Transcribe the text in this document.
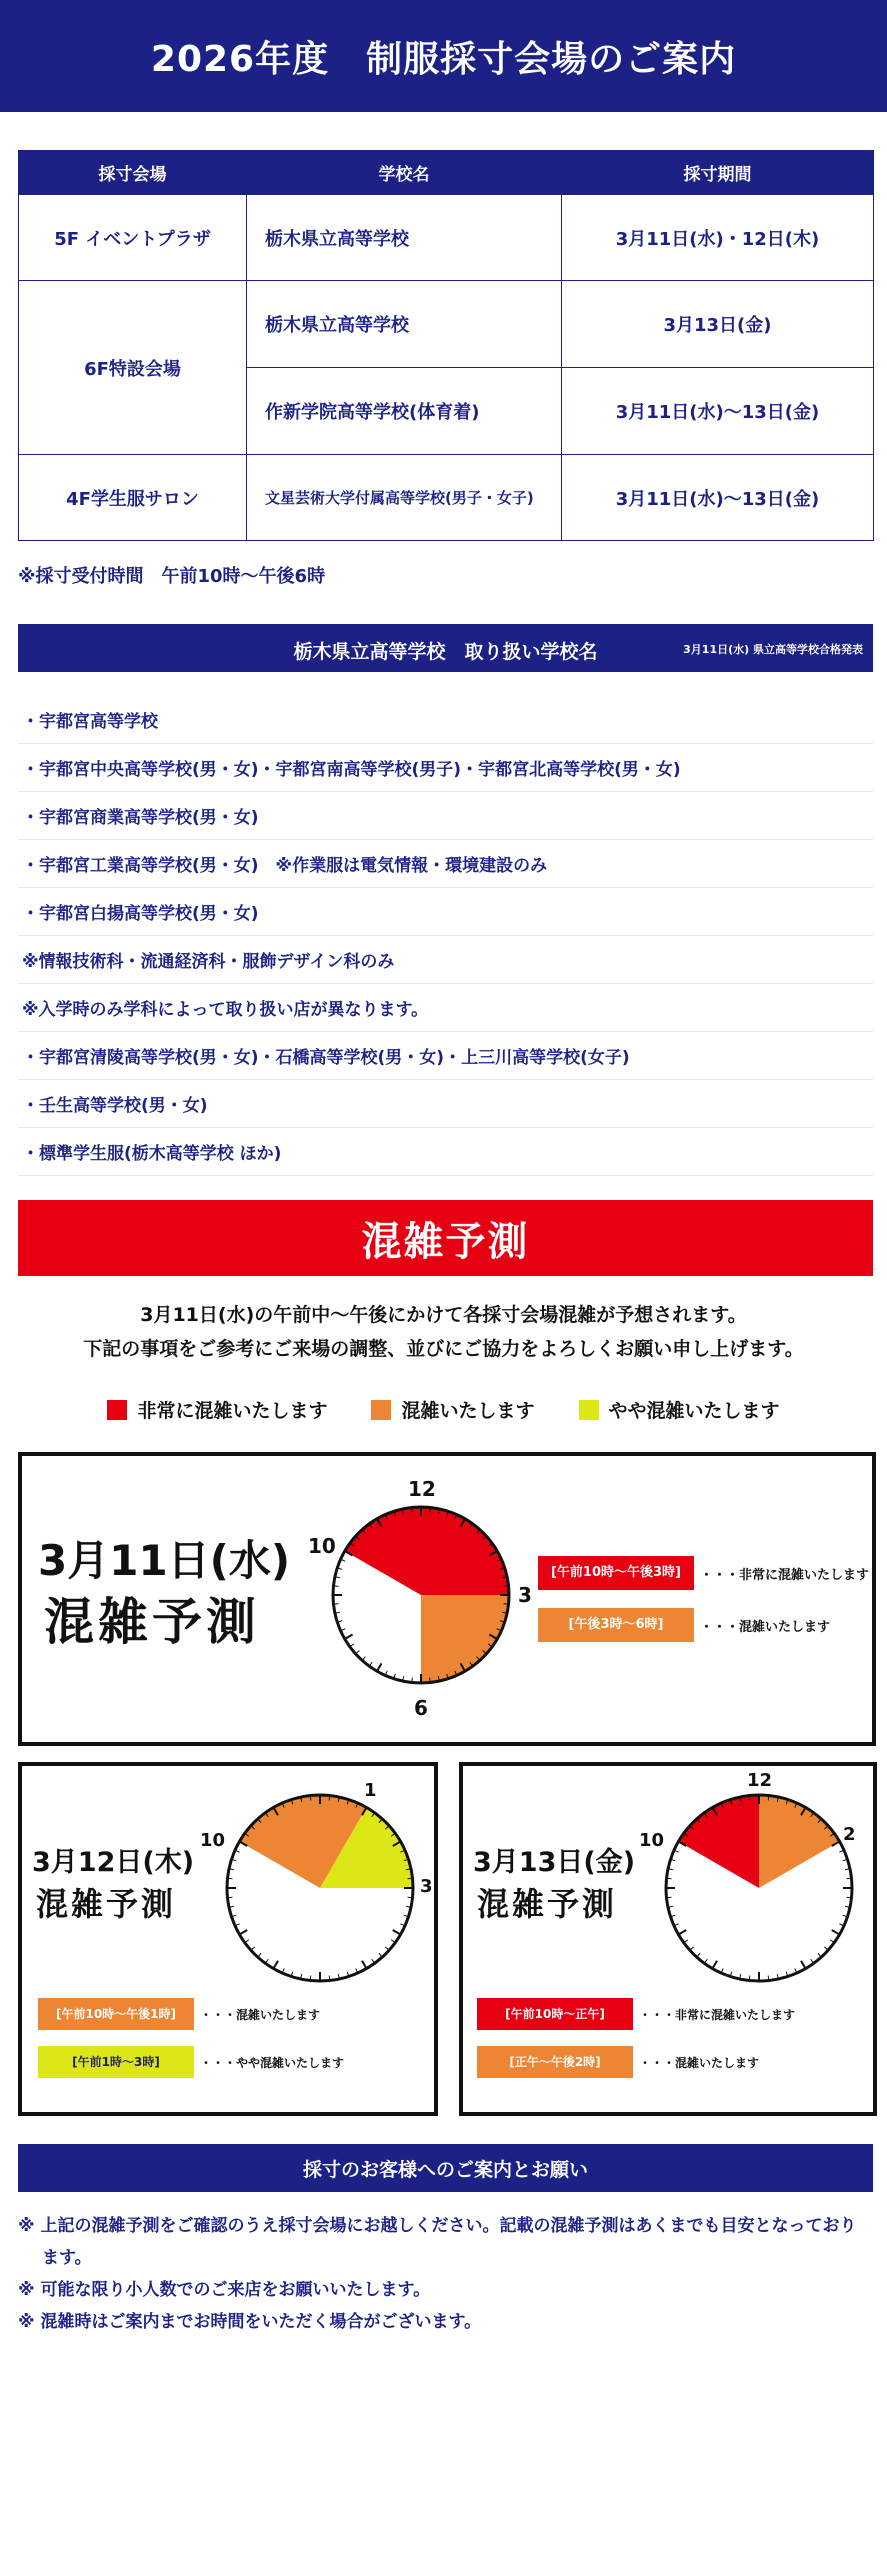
2026年度　制服採寸会場のご案内
採寸会場	学校名	採寸期間
5F イベントプラザ	栃木県立高等学校	3月11日(水)・12日(木)
6F特設会場	栃木県立高等学校	3月13日(金)
	作新学院高等学校(体育着)	3月11日(水)～13日(金)
4F学生服サロン	文星芸術大学付属高等学校(男子・女子)	3月11日(水)～13日(金)
※採寸受付時間　午前10時～午後6時
栃木県立高等学校　取り扱い学校名	3月11日(水) 県立高等学校合格発表
・宇都宮高等学校
・宇都宮中央高等学校(男・女)・宇都宮南高等学校(男子)・宇都宮北高等学校(男・女)
・宇都宮商業高等学校(男・女)
・宇都宮工業高等学校(男・女)　※作業服は電気情報・環境建設のみ
・宇都宮白揚高等学校(男・女)
※情報技術科・流通経済科・服飾デザイン科のみ
※入学時のみ学科によって取り扱い店が異なります。
・宇都宮清陵高等学校(男・女)・石橋高等学校(男・女)・上三川高等学校(女子)
・壬生高等学校(男・女)
・標準学生服(栃木高等学校 ほか)
混雑予測
3月11日(水)の午前中～午後にかけて各採寸会場混雑が予想されます。
下記の事項をご参考にご来場の調整、並びにご協力をよろしくお願い申し上げます。
非常に混雑いたします	混雑いたします	やや混雑いたします
3月11日(水)
混雑予測
12
3
6
10
[午前10時～午後3時]	・・・非常に混雑いたします
[午後3時～6時]	・・・混雑いたします
3月12日(木)
混雑予測
1
3
10
[午前10時～午後1時]	・・・混雑いたします
[午前1時～3時]	・・・やや混雑いたします
3月13日(金)
混雑予測
12
2
10
[午前10時～正午]	・・・非常に混雑いたします
[正午～午後2時]	・・・混雑いたします
採寸のお客様へのご案内とお願い

※ 上記の混雑予測をご確認のうえ採寸会場にお越しください。記載の混雑予測はあくまでも目安となっております。

※ 可能な限り小人数でのご来店をお願いいたします。

※ 混雑時はご案内までお時間をいただく場合がございます。
